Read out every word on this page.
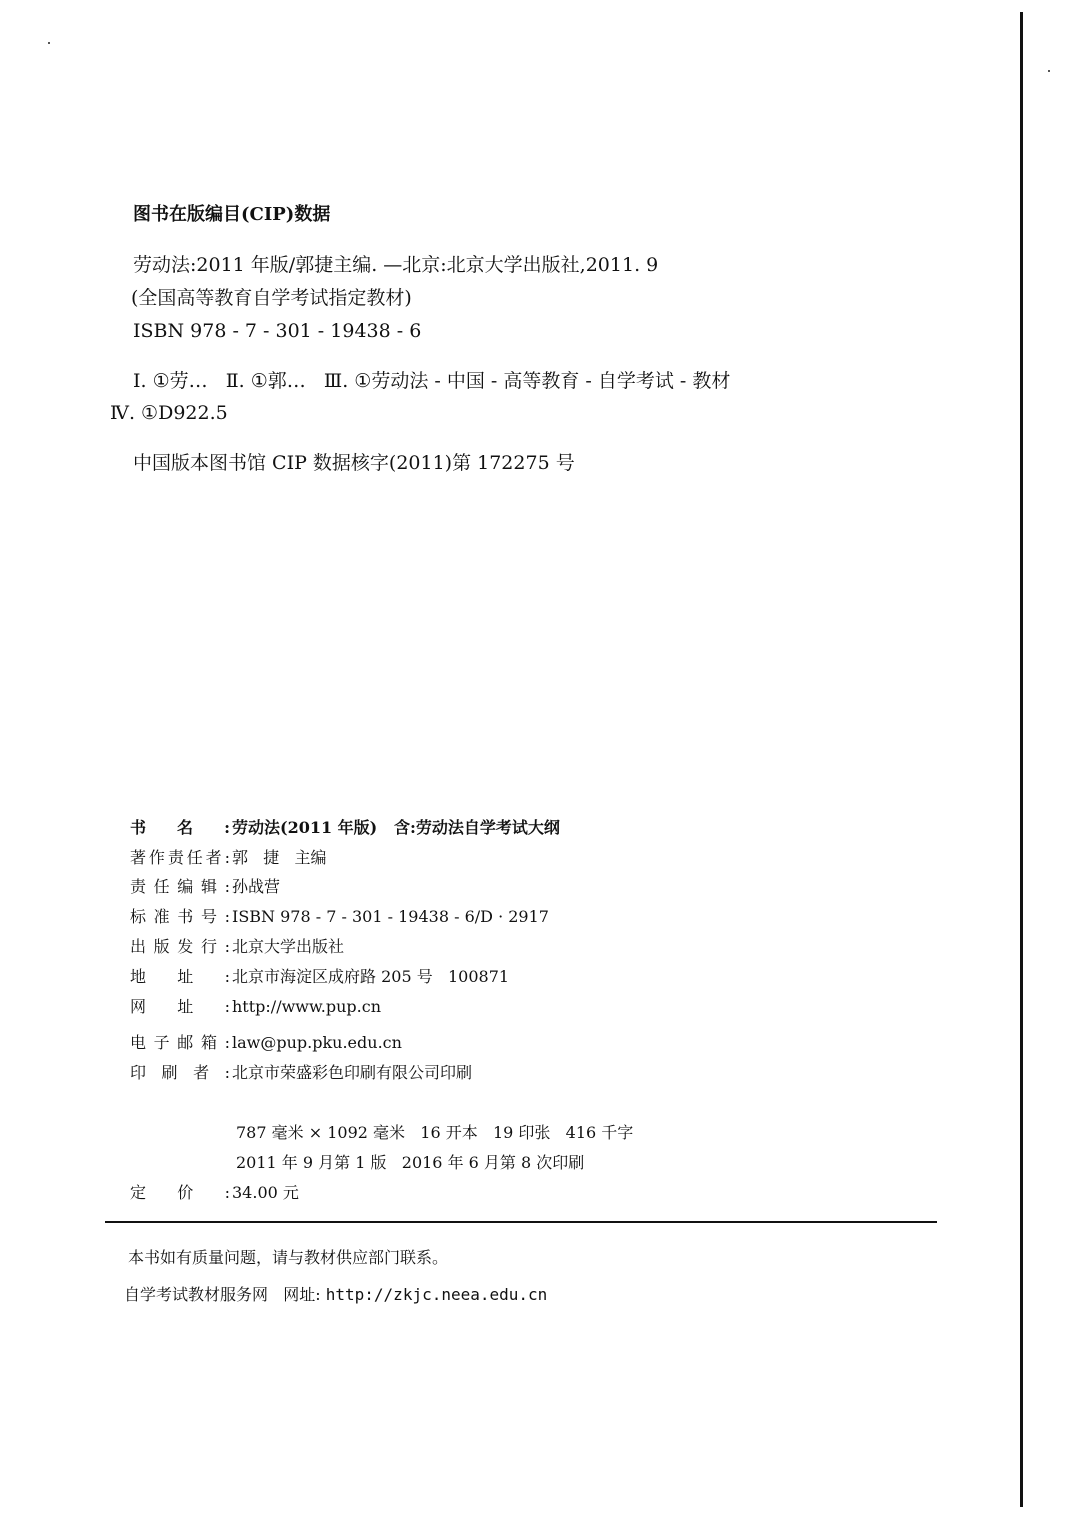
图书在版编目(CIP)数据
劳动法:2011 年版/郭捷主编. —北京:北京大学出版社,2011. 9
(全国高等教育自学考试指定教材)
ISBN 978 - 7 - 301 - 19438 - 6
Ⅰ. ①劳…   Ⅱ. ①郭…   Ⅲ. ①劳动法 - 中国 - 高等教育 - 自学考试 - 教材
Ⅳ. ①D922.5
中国版本图书馆 CIP 数据核字(2011)第 172275 号
书名: 劳动法(2011 年版)   含:劳动法自学考试大纲
著作责任者: 郭   捷   主编
责任编辑: 孙战营
标准书号: ISBN 978 - 7 - 301 - 19438 - 6/D · 2917
出版发行: 北京大学出版社
地址: 北京市海淀区成府路 205 号   100871
网址: http://www.pup.cn
电子邮箱: law@pup.pku.edu.cn
印刷者: 北京市荣盛彩色印刷有限公司印刷
787 毫米 × 1092 毫米   16 开本   19 印张   416 千字
2011 年 9 月第 1 版   2016 年 6 月第 8 次印刷
定价: 34.00 元
本书如有质量问题，请与教材供应部门联系。
自学考试教材服务网   网址: http://zkjc.neea.edu.cn
